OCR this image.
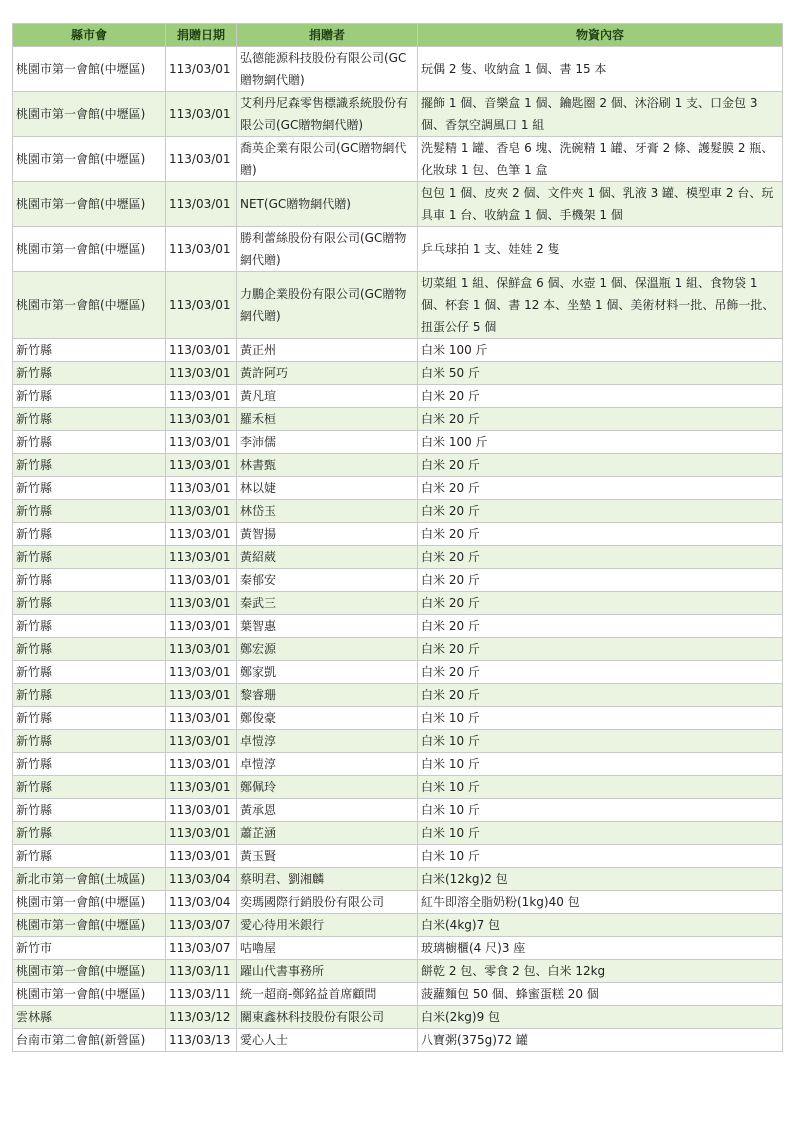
縣市會	捐贈日期	捐贈者	物資內容
桃園市第一會館(中壢區)	113/03/01	弘德能源科技股份有限公司(GC贈物網代贈)	玩偶 2 隻、收納盒 1 個、書 15 本
桃園市第一會館(中壢區)	113/03/01	艾利丹尼森零售標識系統股份有限公司(GC贈物網代贈)	擺飾 1 個、音樂盒 1 個、鑰匙圈 2 個、沐浴刷 1 支、口金包 3 個、香氛空調風口 1 組
桃園市第一會館(中壢區)	113/03/01	喬英企業有限公司(GC贈物網代贈)	洗髮精 1 罐、香皂 6 塊、洗碗精 1 罐、牙膏 2 條、護髮膜 2 瓶、化妝球 1 包、色筆 1 盒
桃園市第一會館(中壢區)	113/03/01	NET(GC贈物網代贈)	包包 1 個、皮夾 2 個、文件夾 1 個、乳液 3 罐、模型車 2 台、玩具車 1 台、收納盒 1 個、手機架 1 個
桃園市第一會館(中壢區)	113/03/01	勝利蕾絲股份有限公司(GC贈物網代贈)	乒乓球拍 1 支、娃娃 2 隻
桃園市第一會館(中壢區)	113/03/01	力鵬企業股份有限公司(GC贈物網代贈)	切菜組 1 組、保鮮盒 6 個、水壺 1 個、保溫瓶 1 組、食物袋 1 個、杯套 1 個、書 12 本、坐墊 1 個、美術材料一批、吊飾一批、扭蛋公仔 5 個
新竹縣	113/03/01	黃正州	白米 100 斤
新竹縣	113/03/01	黃許阿巧	白米 50 斤
新竹縣	113/03/01	黃凡瑄	白米 20 斤
新竹縣	113/03/01	羅禾桓	白米 20 斤
新竹縣	113/03/01	李沛儒	白米 100 斤
新竹縣	113/03/01	林書甄	白米 20 斤
新竹縣	113/03/01	林以婕	白米 20 斤
新竹縣	113/03/01	林岱玉	白米 20 斤
新竹縣	113/03/01	黃智揚	白米 20 斤
新竹縣	113/03/01	黃紹葳	白米 20 斤
新竹縣	113/03/01	秦郁安	白米 20 斤
新竹縣	113/03/01	秦武三	白米 20 斤
新竹縣	113/03/01	葉智惠	白米 20 斤
新竹縣	113/03/01	鄭宏源	白米 20 斤
新竹縣	113/03/01	鄭家凱	白米 20 斤
新竹縣	113/03/01	黎睿珊	白米 20 斤
新竹縣	113/03/01	鄭俊豪	白米 10 斤
新竹縣	113/03/01	卓愷淳	白米 10 斤
新竹縣	113/03/01	卓愷淳	白米 10 斤
新竹縣	113/03/01	鄭佩玲	白米 10 斤
新竹縣	113/03/01	黃承恩	白米 10 斤
新竹縣	113/03/01	蕭芷涵	白米 10 斤
新竹縣	113/03/01	黃玉賢	白米 10 斤
新北市第一會館(土城區)	113/03/04	蔡明君、劉湘麟	白米(12kg)2 包
桃園市第一會館(中壢區)	113/03/04	奕瑪國際行銷股份有限公司	紅牛即溶全脂奶粉(1kg)40 包
桃園市第一會館(中壢區)	113/03/07	愛心待用米銀行	白米(4kg)7 包
新竹市	113/03/07	咕嚕屋	玻璃櫥櫃(4 尺)3 座
桃園市第一會館(中壢區)	113/03/11	躍山代書事務所	餅乾 2 包、零食 2 包、白米 12kg
桃園市第一會館(中壢區)	113/03/11	統一超商-鄭銘益首席顧問	菠蘿麵包 50 個、蜂蜜蛋糕 20 個
雲林縣	113/03/12	關東鑫林科技股份有限公司	白米(2kg)9 包
台南市第二會館(新營區)	113/03/13	愛心人士	八寶粥(375g)72 罐
